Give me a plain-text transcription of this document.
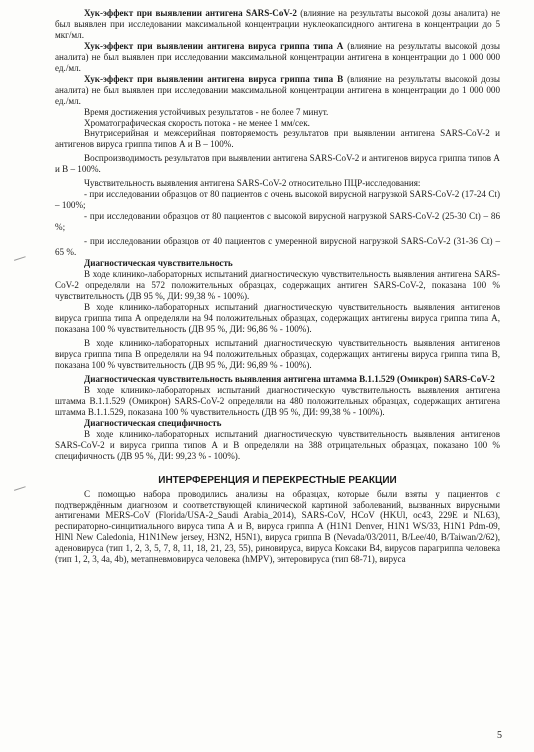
Хук-эффект при выявлении антигена SARS-CoV-2 (влияние на результаты высокой дозы аналита) не был выявлен при исследовании максимальной концентрации нуклеокапсидного антигена в концентрации до 5 мкг/мл.

Хук-эффект при выявлении антигена вируса гриппа типа А (влияние на результаты высокой дозы аналита) не был выявлен при исследовании максимальной концентрации антигена в концентрации до 1 000 000 ед./мл.

Хук-эффект при выявлении антигена вируса гриппа типа В (влияние на результаты высокой дозы аналита) не был выявлен при исследовании максимальной концентрации антигена в концентрации до 1 000 000 ед./мл.

Время достижения устойчивых результатов - не более 7 минут.

Хроматографическая скорость потока - не менее 1 мм/сек.

Внутрисерийная и межсерийная повторяемость результатов при выявлении антигена SARS-CoV-2 и антигенов вируса гриппа типов А и В – 100%.

Воспроизводимость результатов при выявлении антигена SARS-CoV-2 и антигенов вируса гриппа типов А и В – 100%.

Чувствительность выявления антигена SARS-CoV-2 относительно ПЦР-исследования:

- при исследовании образцов от 80 пациентов с очень высокой вирусной нагрузкой SARS-CoV-2 (17-24 Ct) – 100%;

- при исследовании образцов от 80 пациентов с высокой вирусной нагрузкой SARS-CoV-2 (25-30 Ct) – 86 %;

- при исследовании образцов от 40 пациентов с умеренной вирусной нагрузкой SARS-CoV-2 (31-36 Ct) – 65 %.

Диагностическая чувствительность

В ходе клинико-лабораторных испытаний диагностическую чувствительность выявления антигена SARS-CoV-2 определяли на 572 положительных образцах, содержащих антиген SARS-CoV-2, показана 100 % чувствительность (ДВ 95 %, ДИ: 99,38 % - 100%).

В ходе клинико-лабораторных испытаний диагностическую чувствительность выявления антигенов вируса гриппа типа А определяли на 94 положительных образцах, содержащих антигены вируса гриппа типа А, показана 100 % чувствительность (ДВ 95 %, ДИ: 96,86 % - 100%).

В ходе клинико-лабораторных испытаний диагностическую чувствительность выявления антигенов вируса гриппа типа В определяли на 94 положительных образцах, содержащих антигены вируса гриппа типа В, показана 100 % чувствительность (ДВ 95 %, ДИ: 96,89 % - 100%).

Диагностическая чувствительность выявления антигена штамма В.1.1.529 (Омикрон) SARS-CoV-2

В ходе клинико-лабораторных испытаний диагностическую чувствительность выявления антигена штамма В.1.1.529 (Омикрон) SARS-CoV-2 определяли на 480 положительных образцах, содержащих антигена штамма В.1.1.529, показана 100 % чувствительность (ДВ 95 %, ДИ: 99,38 % - 100%).

Диагностическая специфичность

В ходе клинико-лабораторных испытаний диагностическую чувствительность выявления антигенов SARS-CoV-2 и вируса гриппа типов А и В определяли на 388 отрицательных образцах, показано 100 % специфичность (ДВ 95 %, ДИ: 99,23 % - 100%).

ИНТЕРФЕРЕНЦИЯ И ПЕРЕКРЕСТНЫЕ РЕАКЦИИ

С помощью набора проводились анализы на образцах, которые были взяты у пациентов с подтверждённым диагнозом и соответствующей клинической картиной заболеваний, вызванных вирусными антигенами MERS-CoV (Florida/USA-2_Saudi Arabia_2014), SARS-CoV, HCoV (HKUl, oc43, 229E и NL63), респираторно-синцитиального вируса типа А и В, вируса гриппа А (H1N1 Denver, H1N1 WS/33, H1N1 Pdm-09, HlNl New Caledonia, H1N1New jersey, H3N2, H5N1), вируса гриппа В (Nevada/03/2011, B/Lee/40, B/Taiwan/2/62), аденовируса (тип 1, 2, 3, 5, 7, 8, 11, 18, 21, 23, 55), риновируса, вируса Коксаки В4, вирусов парагриппа человека (тип 1, 2, 3, 4a, 4b), метапневмовируса человека (hMPV), энтеровируса (тип 68-71), вируса

5
